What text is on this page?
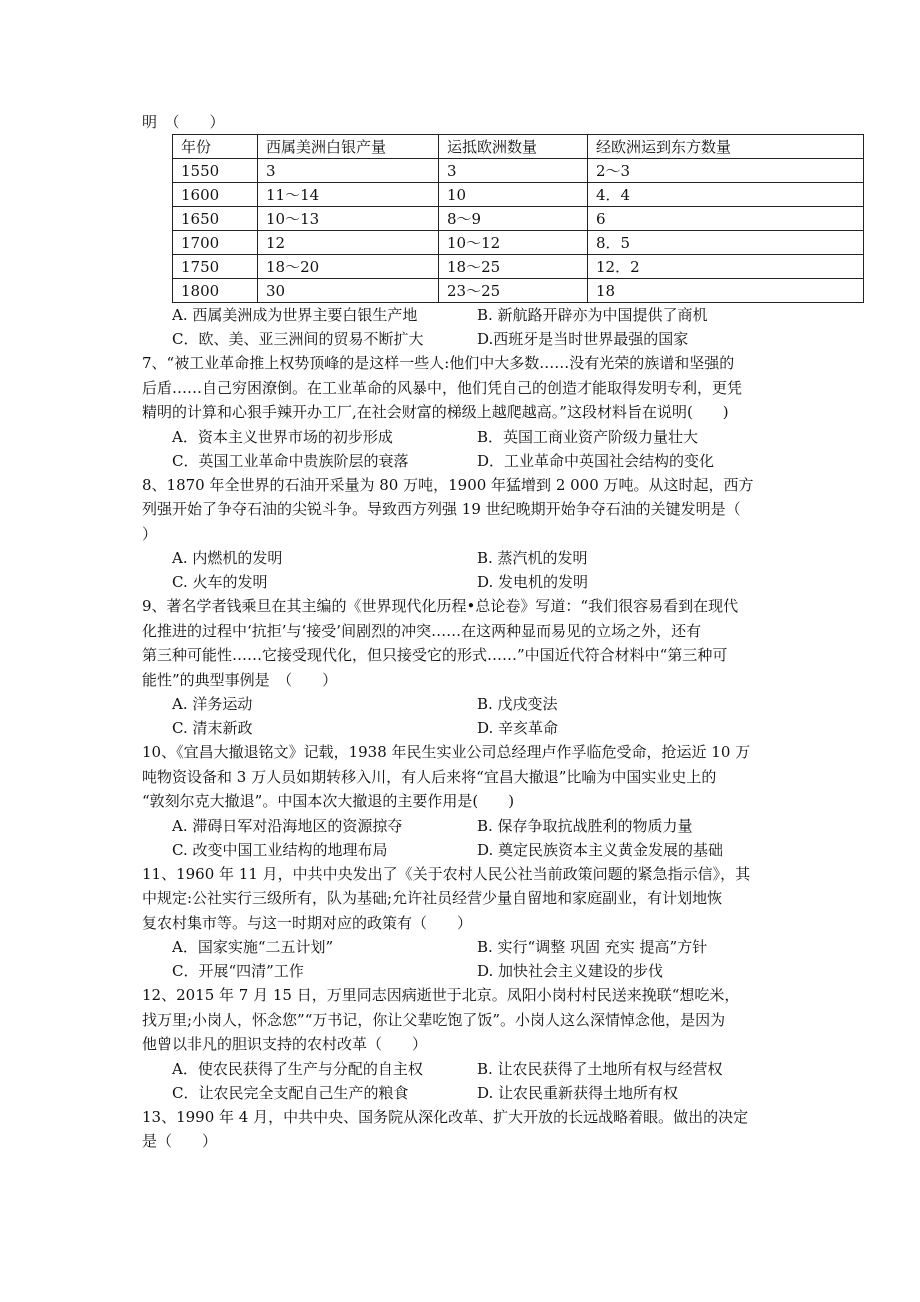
明　（　　）
年份	西属美洲白银产量	运抵欧洲数量	经欧洲运到东方数量
1550	3	3	2～3
1600	11～14	10	4．4
1650	10～13	8～9	6
1700	12	10～12	8．5
1750	18～20	18～25	12．2
1800	30	23～25	18
A. 西属美洲成为世界主要白银生产地	B. 新航路开辟亦为中国提供了商机
C．欧、美、亚三洲间的贸易不断扩大	D.西班牙是当时世界最强的国家
7、“被工业革命推上权势顶峰的是这样一些人:他们中大多数……没有光荣的族谱和坚强的
后盾……自己穷困潦倒。在工业革命的风暴中，他们凭自己的创造才能取得发明专利，更凭
精明的计算和心狠手辣开办工厂,在社会财富的梯级上越爬越高。”这段材料旨在说明(　　)
A．资本主义世界市场的初步形成	B．英国工商业资产阶级力量壮大
C．英国工业革命中贵族阶层的衰落	D．工业革命中英国社会结构的变化
8、1870 年全世界的石油开采量为 80 万吨，1900 年猛增到 2 000 万吨。从这时起，西方
列强开始了争夺石油的尖锐斗争。导致西方列强 19 世纪晚期开始争夺石油的关键发明是（
）
A. 内燃机的发明	B. 蒸汽机的发明
C. 火车的发明	D. 发电机的发明
9、著名学者钱乘旦在其主编的《世界现代化历程•总论卷》写道：“我们很容易看到在现代
化推进的过程中‘抗拒’与‘接受’间剧烈的冲突……在这两种显而易见的立场之外，还有
第三种可能性……它接受现代化，但只接受它的形式……”中国近代符合材料中“第三种可
能性”的典型事例是　（　　）
A. 洋务运动	B. 戊戌变法
C. 清末新政	D. 辛亥革命
10、《宜昌大撤退铭文》记载，1938 年民生实业公司总经理卢作孚临危受命，抢运近 10 万
吨物资设备和 3 万人员如期转移入川，有人后来将“宜昌大撤退”比喻为中国实业史上的
“敦刻尔克大撤退”。中国本次大撤退的主要作用是(　　)
A. 滞碍日军对沿海地区的资源掠夺	B. 保存争取抗战胜利的物质力量
C. 改变中国工业结构的地理布局	D. 奠定民族资本主义黄金发展的基础
11、1960 年 11 月，中共中央发出了《关于农村人民公社当前政策问题的紧急指示信》，其
中规定:公社实行三级所有，队为基础;允许社员经营少量自留地和家庭副业，有计划地恢
复农村集市等。与这一时期对应的政策有（　　）
A．国家实施“二五计划”	B. 实行“调整 巩固 充实 提高”方针
C．开展“四清”工作	D. 加快社会主义建设的步伐
12、2015 年 7 月 15 日，万里同志因病逝世于北京。凤阳小岗村村民送来挽联“想吃米，
找万里;小岗人，怀念您”“万书记，你让父辈吃饱了饭”。小岗人这么深情悼念他，是因为
他曾以非凡的胆识支持的农村改革（　　）
A．使农民获得了生产与分配的自主权	B. 让农民获得了土地所有权与经营权
C．让农民完全支配自己生产的粮食	D. 让农民重新获得土地所有权
13、1990 年 4 月，中共中央、国务院从深化改革、扩大开放的长远战略着眼。做出的决定
是（　　）
